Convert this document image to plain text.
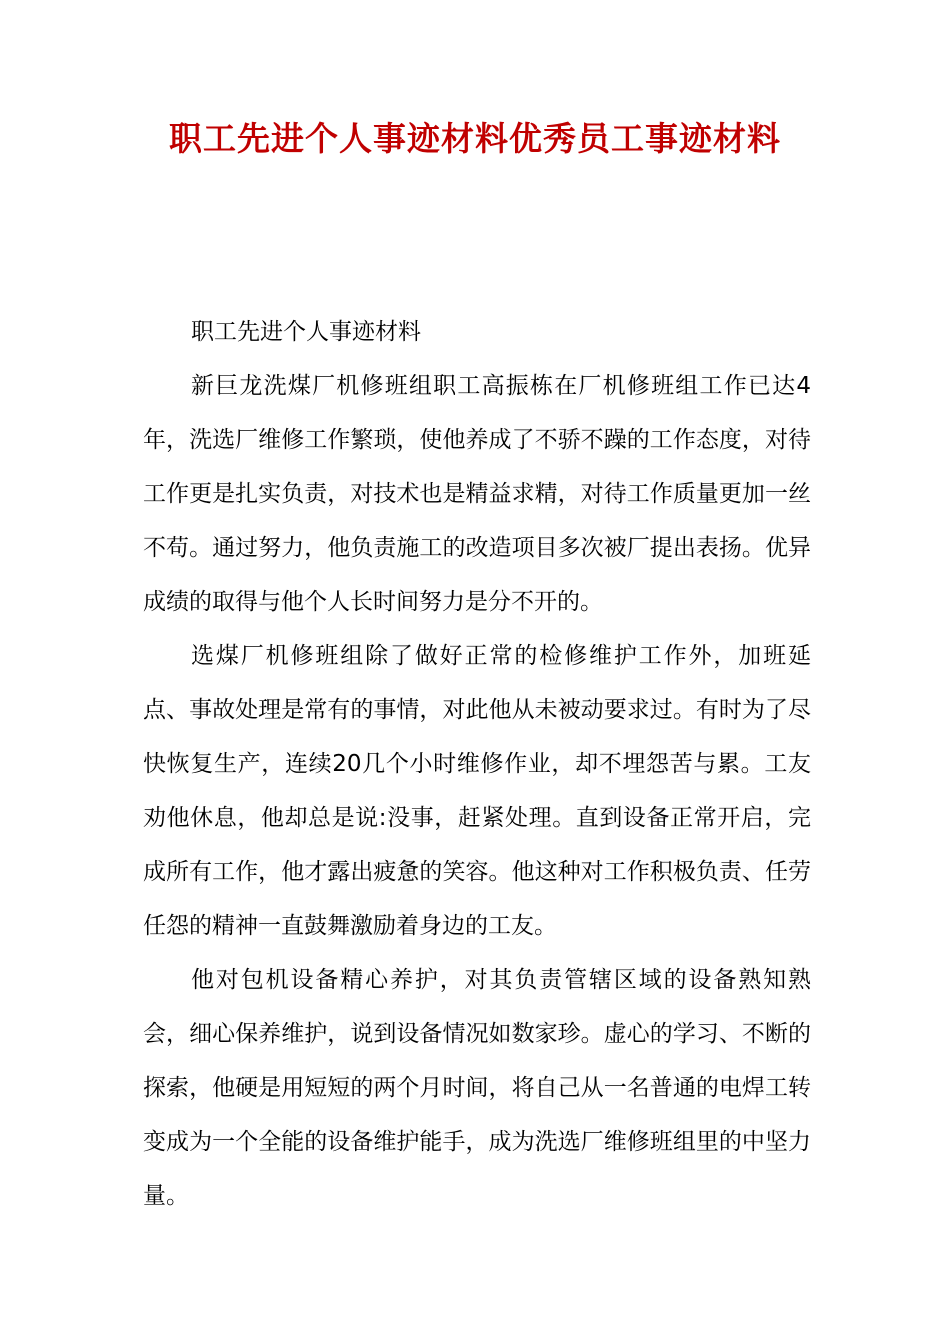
职工先进个人事迹材料优秀员工事迹材料

职工先进个人事迹材料

新巨龙洗煤厂机修班组职工高振栋在厂机修班组工作已达4年，洗选厂维修工作繁琐，使他养成了不骄不躁的工作态度，对待工作更是扎实负责，对技术也是精益求精，对待工作质量更加一丝不苟。通过努力，他负责施工的改造项目多次被厂提出表扬。优异成绩的取得与他个人长时间努力是分不开的。

选煤厂机修班组除了做好正常的检修维护工作外，加班延点、事故处理是常有的事情，对此他从未被动要求过。有时为了尽快恢复生产，连续20几个小时维修作业，却不埋怨苦与累。工友劝他休息，他却总是说:没事，赶紧处理。直到设备正常开启，完成所有工作，他才露出疲惫的笑容。他这种对工作积极负责、任劳任怨的精神一直鼓舞激励着身边的工友。

他对包机设备精心养护，对其负责管辖区域的设备熟知熟会，细心保养维护，说到设备情况如数家珍。虚心的学习、不断的探索，他硬是用短短的两个月时间，将自己从一名普通的电焊工转变成为一个全能的设备维护能手，成为洗选厂维修班组里的中坚力量。
